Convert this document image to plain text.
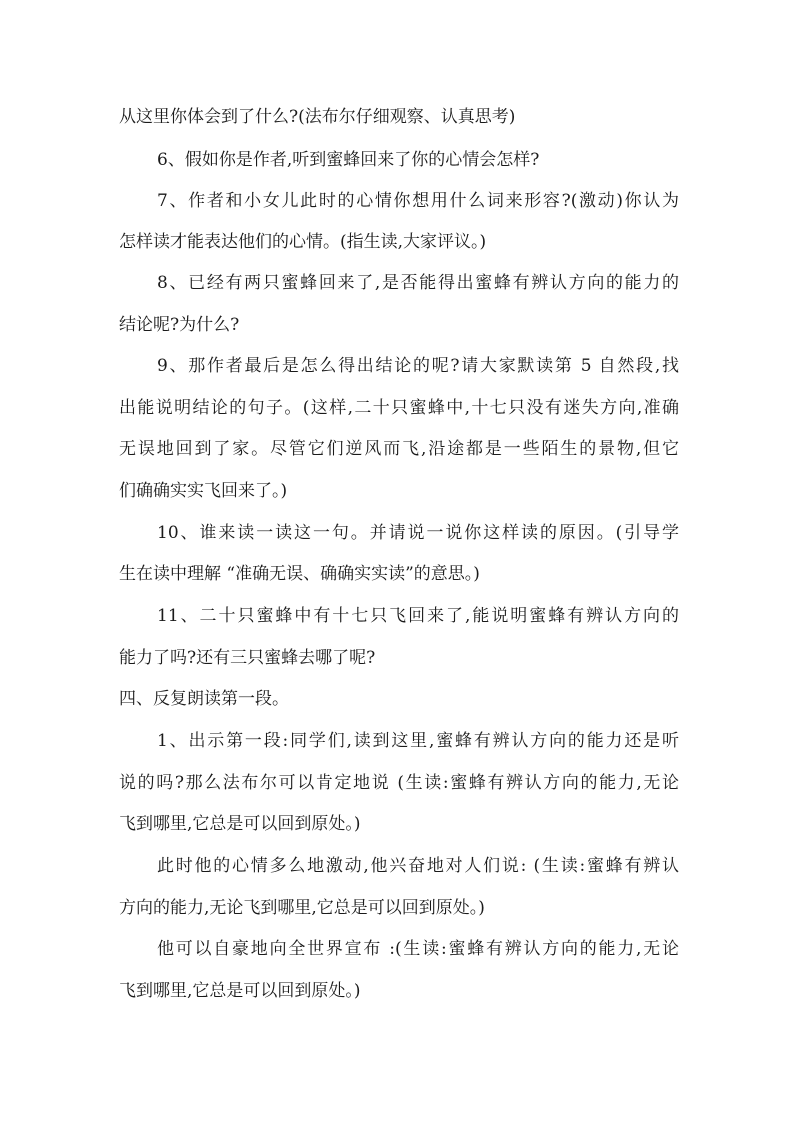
从这里你体会到了什么?(法布尔仔细观察、认真思考)
6、假如你是作者,听到蜜蜂回来了你的心情会怎样?
7、作者和小女儿此时的心情你想用什么词来形容?(激动)你认为
怎样读才能表达他们的心情。(指生读,大家评议。)
8、已经有两只蜜蜂回来了,是否能得出蜜蜂有辨认方向的能力的
结论呢?为什么?
9、那作者最后是怎么得出结论的呢?请大家默读第 5 自然段,找
出能说明结论的句子。(这样,二十只蜜蜂中,十七只没有迷失方向,准确
无误地回到了家。尽管它们逆风而飞,沿途都是一些陌生的景物,但它
们确确实实飞回来了。)
10、谁来读一读这一句。并请说一说你这样读的原因。(引导学
生在读中理解 “准确无误、确确实实读”的意思。)
11、二十只蜜蜂中有十七只飞回来了,能说明蜜蜂有辨认方向的
能力了吗?还有三只蜜蜂去哪了呢?
四、反复朗读第一段。
1、出示第一段:同学们,读到这里,蜜蜂有辨认方向的能力还是听
说的吗?那么法布尔可以肯定地说 (生读:蜜蜂有辨认方向的能力,无论
飞到哪里,它总是可以回到原处。)
此时他的心情多么地激动,他兴奋地对人们说: (生读:蜜蜂有辨认
方向的能力,无论飞到哪里,它总是可以回到原处。)
他可以自豪地向全世界宣布 :(生读:蜜蜂有辨认方向的能力,无论
飞到哪里,它总是可以回到原处。)
